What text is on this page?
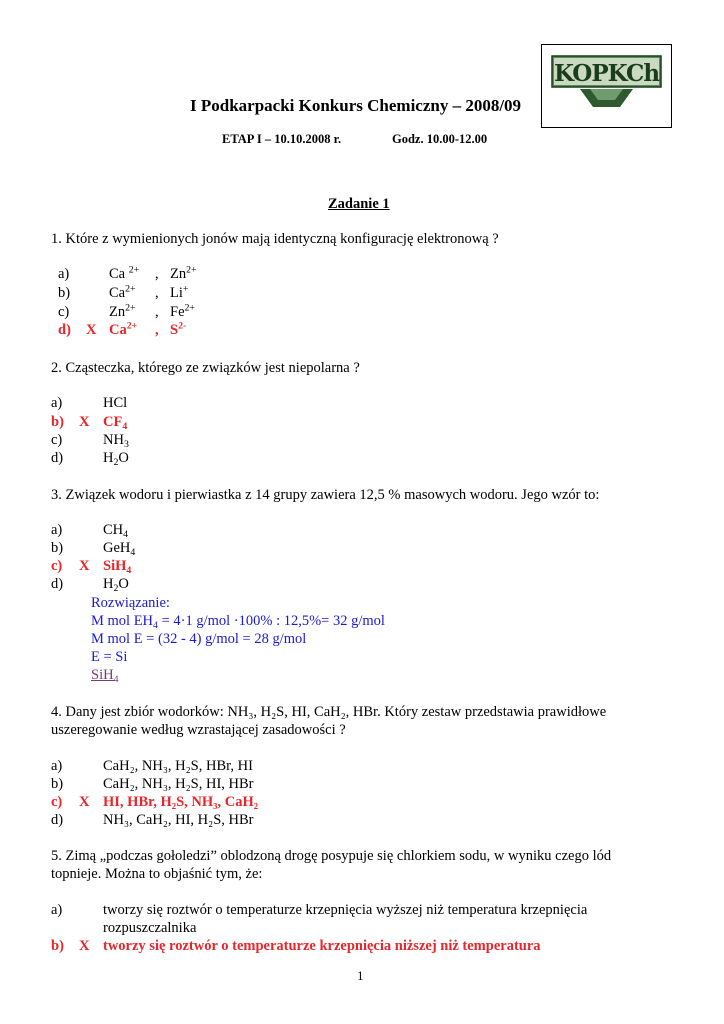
I Podkarpacki Konkurs Chemiczny – 2008/09
ETAP I – 10.10.2008 r.	Godz. 10.00-12.00
KOPKCh
Zadanie 1
1. Które z wymienionych jonów mają identyczną konfigurację elektronową ?
a)	Ca $^{2+}$ , $Zn^{2+}$
b)	$Ca^{2+}$ , Li+
c)	$Zn^{2+}$ , $Fe^{2+}$
d) X $Ca^{2+}$ , $S^{2-}$
2. Cząsteczka, którego ze związków jest niepolarna ?
a)	HCl
b) X $CF_4$
c)	$NH_3$
d)	$H_2O$
3. Związek wodoru i pierwiastka z 14 grupy zawiera 12,5 % masowych wodoru. Jego wzór to:
a)	$CH_4$
b)	GeH$_4$
c) X SiH$_4$
d)	$H_2O$
Rozwiązanie:
M mol $EH_4 = 4\cdot 1$ g/mol ·100% : 12,5%= 32 g/mol
M mol E = (32 - 4) g/mol = 28 g/mol
E = Si
SiH$_4$
4. Dany jest zbiór wodorków: NH₃, H₂S, HI, CaH₂, HBr. Który zestaw przedstawia prawidłowe
uszeregowanie według wzrastającej zasadowości ?
a)	CaH₂, NH₃, H₂S, HBr, HI
b)	CaH₂, NH₃, H₂S, HI, HBr
c) X HI, HBr, H₂S, NH₃, CaH₂
d)	NH₃, CaH₂, HI, H₂S, HBr
5. Zimą „podczas gołoledzi” oblodzoną drogę posypuje się chlorkiem sodu, w wyniku czego lód
topnieje. Można to objaśnić tym, że:
a)	tworzy się roztwór o temperaturze krzepnięcia wyższej niż temperatura krzepnięcia
rozpuszczalnika
b) X tworzy się roztwór o temperaturze krzepnięcia niższej niż temperatura
1
